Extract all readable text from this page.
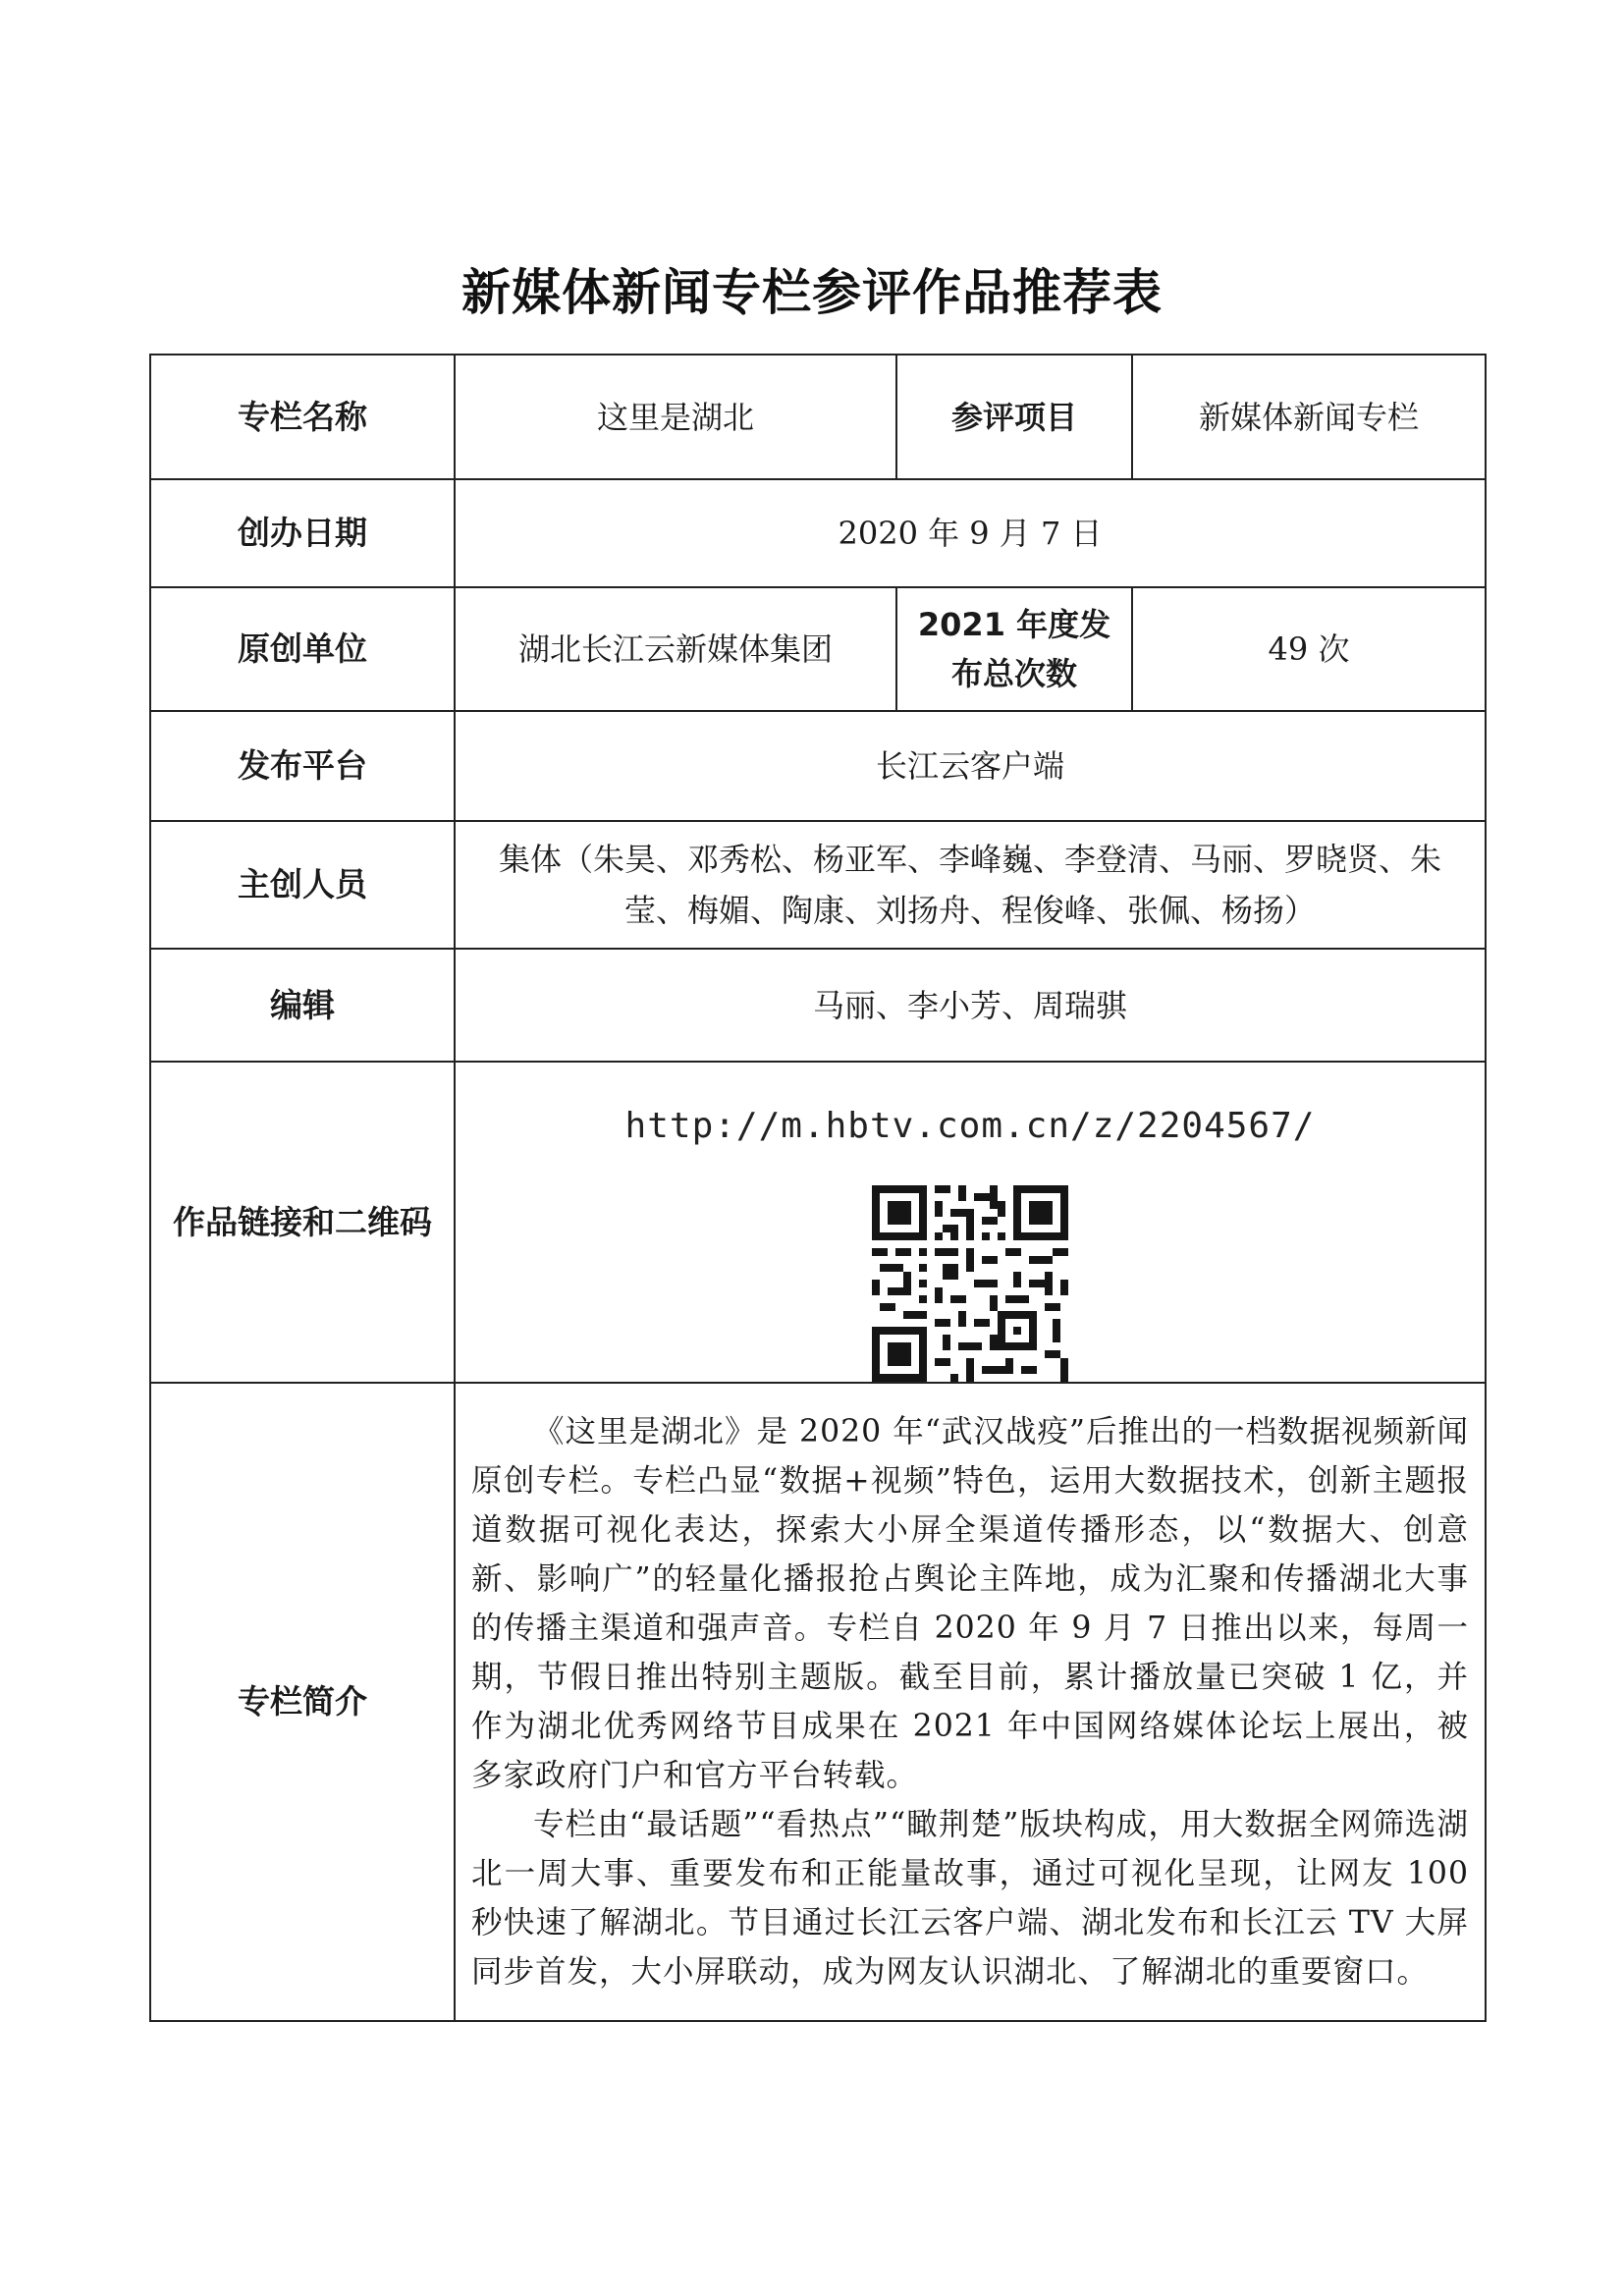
新媒体新闻专栏参评作品推荐表
专栏名称	这里是湖北	参评项目	新媒体新闻专栏
创办日期	2020 年 9 月 7 日		
原创单位	湖北长江云新媒体集团	2021 年度发布总次数	49 次
发布平台	长江云客户端		
主创人员	集体（朱昊、邓秀松、杨亚军、李峰巍、李登清、马丽、罗晓贤、朱莹、梅媚、陶康、刘扬舟、程俊峰、张佩、杨扬）		
编辑	马丽、李小芳、周瑞骐		
作品链接和二维码	http://m.hbtv.com.cn/z/2204567/		

专栏简介	《这里是湖北》是 2020 年“武汉战疫”后推出的一档数据视频新闻原创专栏。专栏凸显“数据+视频”特色，运用大数据技术，创新主题报道数据可视化表达，探索大小屏全渠道传播形态，以“数据大、创意新、影响广”的轻量化播报抢占舆论主阵地，成为汇聚和传播湖北大事的传播主渠道和强声音。专栏自 2020 年 9 月 7 日推出以来，每周一期，节假日推出特别主题版。截至目前，累计播放量已突破 1 亿，并作为湖北优秀网络节目成果在 2021 年中国网络媒体论坛上展出，被多家政府门户和官方平台转载。

专栏由“最话题”“看热点”“瞰荆楚”版块构成，用大数据全网筛选湖北一周大事、重要发布和正能量故事，通过可视化呈现，让网友 100 秒快速了解湖北。节目通过长江云客户端、湖北发布和长江云 TV 大屏同步首发，大小屏联动，成为网友认识湖北、了解湖北的重要窗口。		
